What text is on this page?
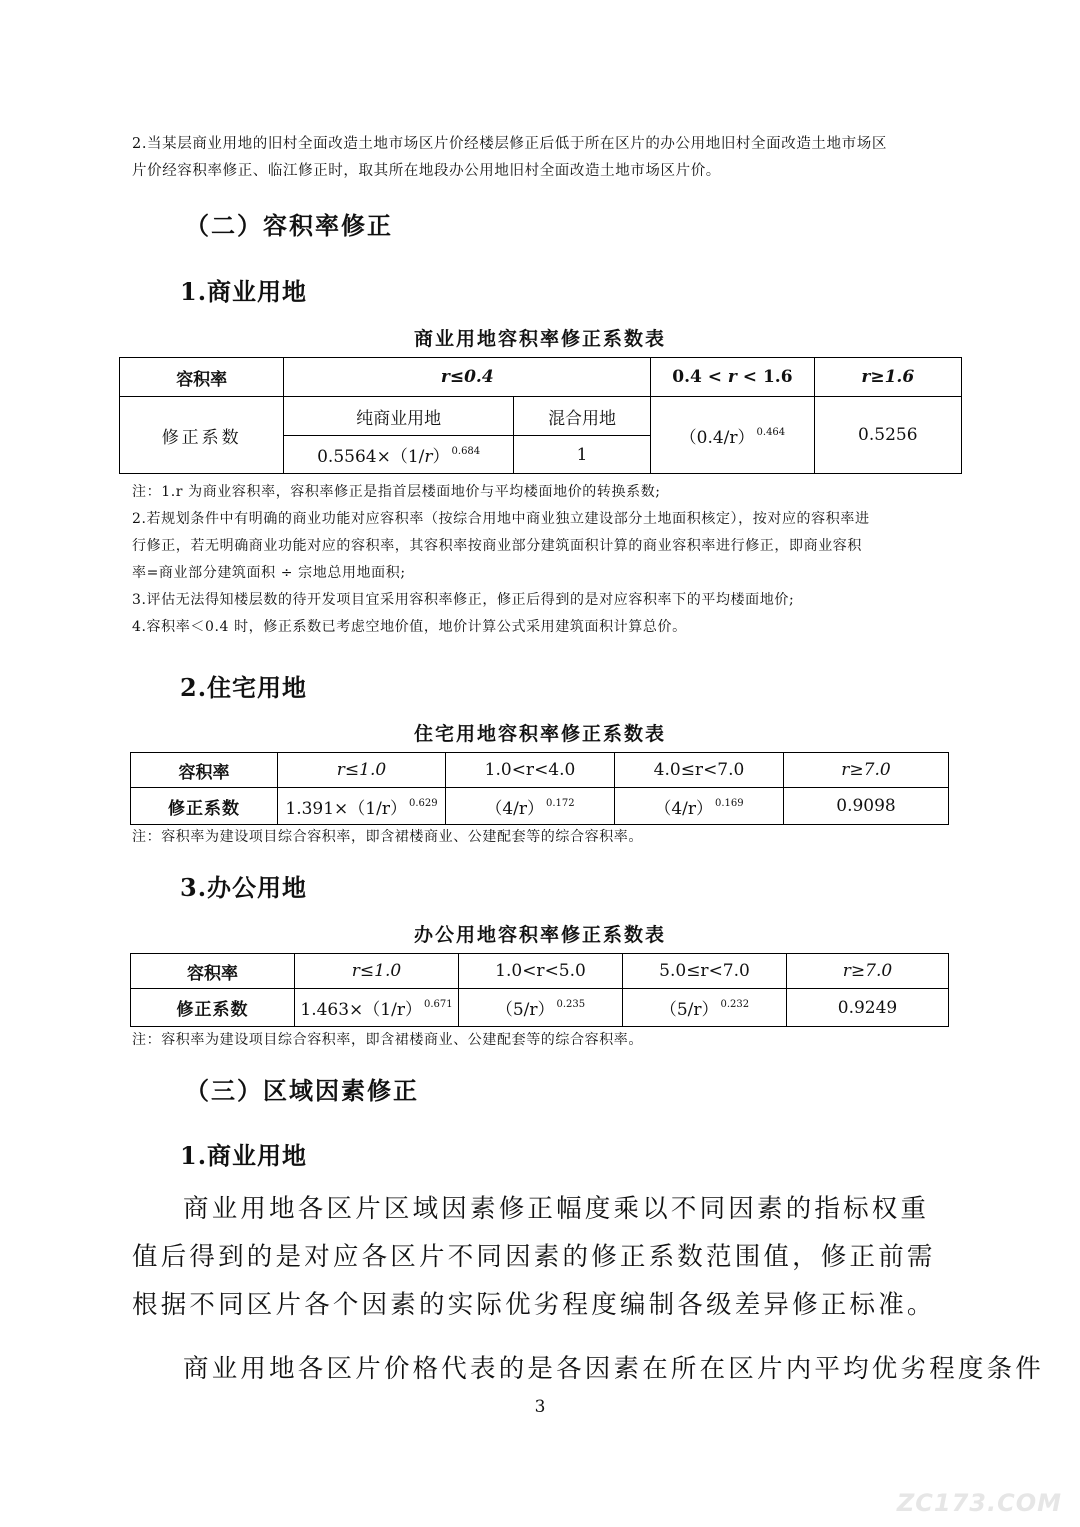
2.当某层商业用地的旧村全面改造土地市场区片价经楼层修正后低于所在区片的办公用地旧村全面改造土地市场区
片价经容积率修正、临江修正时，取其所在地段办公用地旧村全面改造土地市场区片价。
（二）容积率修正
1.商业用地
商业用地容积率修正系数表
容积率	r≤0.4		0.4 < r < 1.6	r≥1.6
修正系数	纯商业用地	混合用地	（0.4/r） $^{0.464}$	0.5256
	0.5564×（1/r） $^{0.684}$	1		
注：1.r 为商业容积率，容积率修正是指首层楼面地价与平均楼面地价的转换系数;
2.若规划条件中有明确的商业功能对应容积率（按综合用地中商业独立建设部分土地面积核定），按对应的容积率进
行修正，若无明确商业功能对应的容积率，其容积率按商业部分建筑面积计算的商业容积率进行修正，即商业容积
率=商业部分建筑面积 ÷ 宗地总用地面积;
3.评估无法得知楼层数的待开发项目宜采用容积率修正，修正后得到的是对应容积率下的平均楼面地价;
4.容积率＜0.4 时，修正系数已考虑空地价值，地价计算公式采用建筑面积计算总价。
2.住宅用地
住宅用地容积率修正系数表
容积率	r≤1.0	1.0<r<4.0	4.0≤r<7.0	r≥7.0
修正系数	1.391×（1/r） $^{0.629}$	（4/r） $^{0.172}$	（4/r） $^{0.169}$	0.9098
注：容积率为建设项目综合容积率，即含裙楼商业、公建配套等的综合容积率。
3.办公用地
办公用地容积率修正系数表
容积率	r≤1.0	1.0<r<5.0	5.0≤r<7.0	r≥7.0
修正系数	1.463×（1/r） $^{0.671}$	（5/r） $^{0.235}$	（5/r） $^{0.232}$	0.9249
注：容积率为建设项目综合容积率，即含裙楼商业、公建配套等的综合容积率。
（三）区域因素修正
1.商业用地
商业用地各区片区域因素修正幅度乘以不同因素的指标权重值后得到的是对应各区片不同因素的修正系数范围值，修正前需根据不同区片各个因素的实际优劣程度编制各级差异修正标准。
商业用地各区片价格代表的是各因素在所在区片内平均优劣程度条件
3
ZC173.COM
